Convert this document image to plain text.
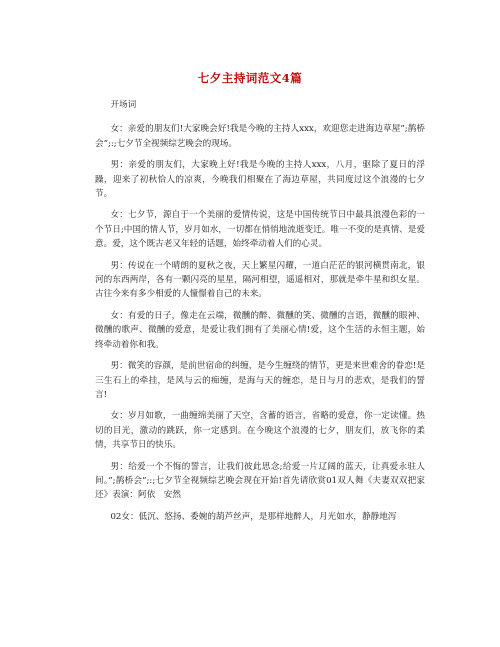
七夕主持词范文4篇

开场词

女：亲爱的朋友们!大家晚会好!我是今晚的主持人xxx，欢迎您走进海边草屋”;鹊桥会”;:;七夕节全视频综艺晚会的现场。

男：亲爱的朋友们，大家晚上好!我是今晚的主持人xxx，八月，驱除了夏日的浮躁，迎来了初秋恰人的凉爽，今晚我们相聚在了海边草屋，共同度过这个浪漫的七夕节。

女：七夕节，源自于一个美丽的爱情传说，这是中国传统节日中最具浪漫色彩的一个节日;中国的情人节，岁月如水，一切都在悄悄地流逝变迁。唯一不变的是真情、是爱意。爱，这个既古老又年轻的话题，始终牵动着人们的心灵。

男：传说在一个晴朗的夏秋之夜，天上繁星闪耀，一道白茫茫的银河横贯南北，银河的东西两岸，各有一颗闪亮的星星，隔河相望，遥遥相对，那就是牵牛星和织女星。古往今来有多少相爱的人憧憬着自己的未来。

女：有爱的日子，像走在云端，微醺的醉、微醺的笑、微醺的言语，微醺的眼神、微醺的歌声、微醺的爱意，是爱让我们拥有了美丽心情!爱，这个生活的永恒主题，始终牵动着你和我。

男：微笑的容颜，是前世宿命的纠缠，是今生缠绕的情节，更是来世难舍的眷恋!是三生石上的牵挂，是风与云的痴缠，是海与天的缠恋，是日与月的悲欢，是我们的誓言!

女：岁月如歌，一曲缠绵美丽了天空，含蓄的语言，省略的爱意，你一定读懂。热切的目光，激动的跳跃，你一定感到。在今晚这个浪漫的七夕，朋友们，放飞你的柔情，共享节日的快乐。

男：给爱一个不悔的誓言，让我们彼此思念;给爱一片辽阔的蓝天，让真爱永驻人间。”;鹊桥会”;:;七夕节全视频综艺晚会现在开始!首先请欣赏01双人舞《夫妻双双把家还》表演：阿依　安然

02女：低沉、悠扬、委婉的葫芦丝声，是那样地醉人，月光如水，静静地泻
